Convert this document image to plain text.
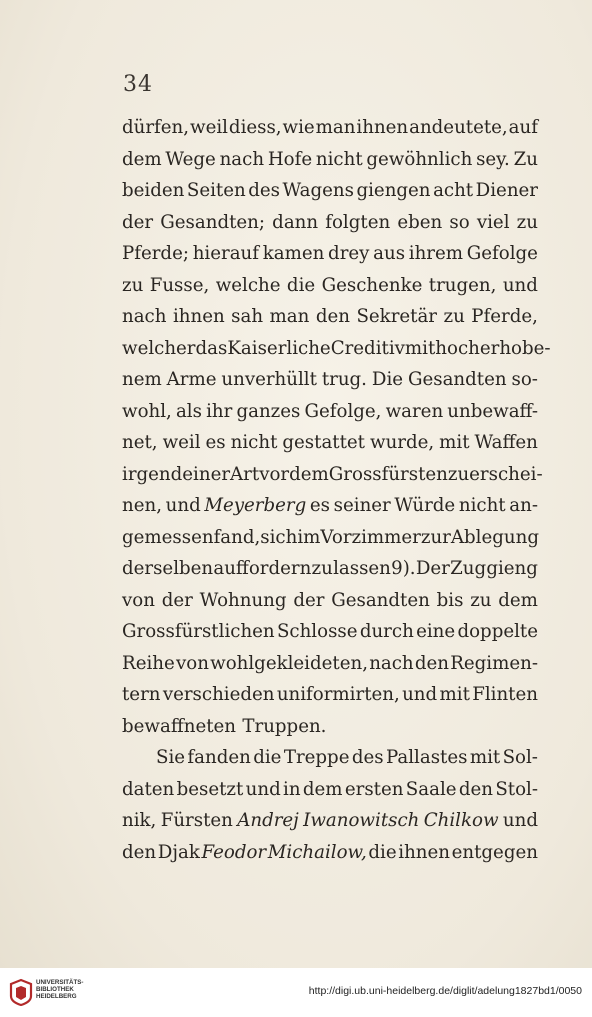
34
dürfen, weil diess, wie man ihnen andeutete, auf
dem Wege nach Hofe nicht gewöhnlich sey. Zu
beiden Seiten des Wagens giengen acht Diener
der Gesandten; dann folgten eben so viel zu
Pferde; hierauf kamen drey aus ihrem Gefolge
zu Fusse, welche die Geschenke trugen, und
nach ihnen sah man den Sekretär zu Pferde,
welcher das Kaiserliche Creditiv mit hocherhobe-
nem Arme unverhüllt trug. Die Gesandten so-
wohl, als ihr ganzes Gefolge, waren unbewaff-
net, weil es nicht gestattet wurde, mit Waffen
irgend einer Art vor dem Grossfürsten zu erschei-
nen, und Meyerberg es seiner Würde nicht an-
gemessen fand, sich im Vorzimmer zur Ablegung
derselben auffordern zu lassen 9). Der Zug gieng
von der Wohnung der Gesandten bis zu dem
Grossfürstlichen Schlosse durch eine doppelte
Reihe von wohlgekleideten, nach den Regimen-
tern verschieden uniformirten, und mit Flinten
bewaffneten Truppen.
Sie fanden die Treppe des Pallastes mit Sol-
daten besetzt und in dem ersten Saale den Stol-
nik, Fürsten Andrej Iwanowitsch Chilkow und
den Djak Feodor Michailow, die ihnen entgegen
UNIVERSITÄTS-
BIBLIOTHEK
HEIDELBERG	http://digi.ub.uni-heidelberg.de/diglit/adelung1827bd1/0050
